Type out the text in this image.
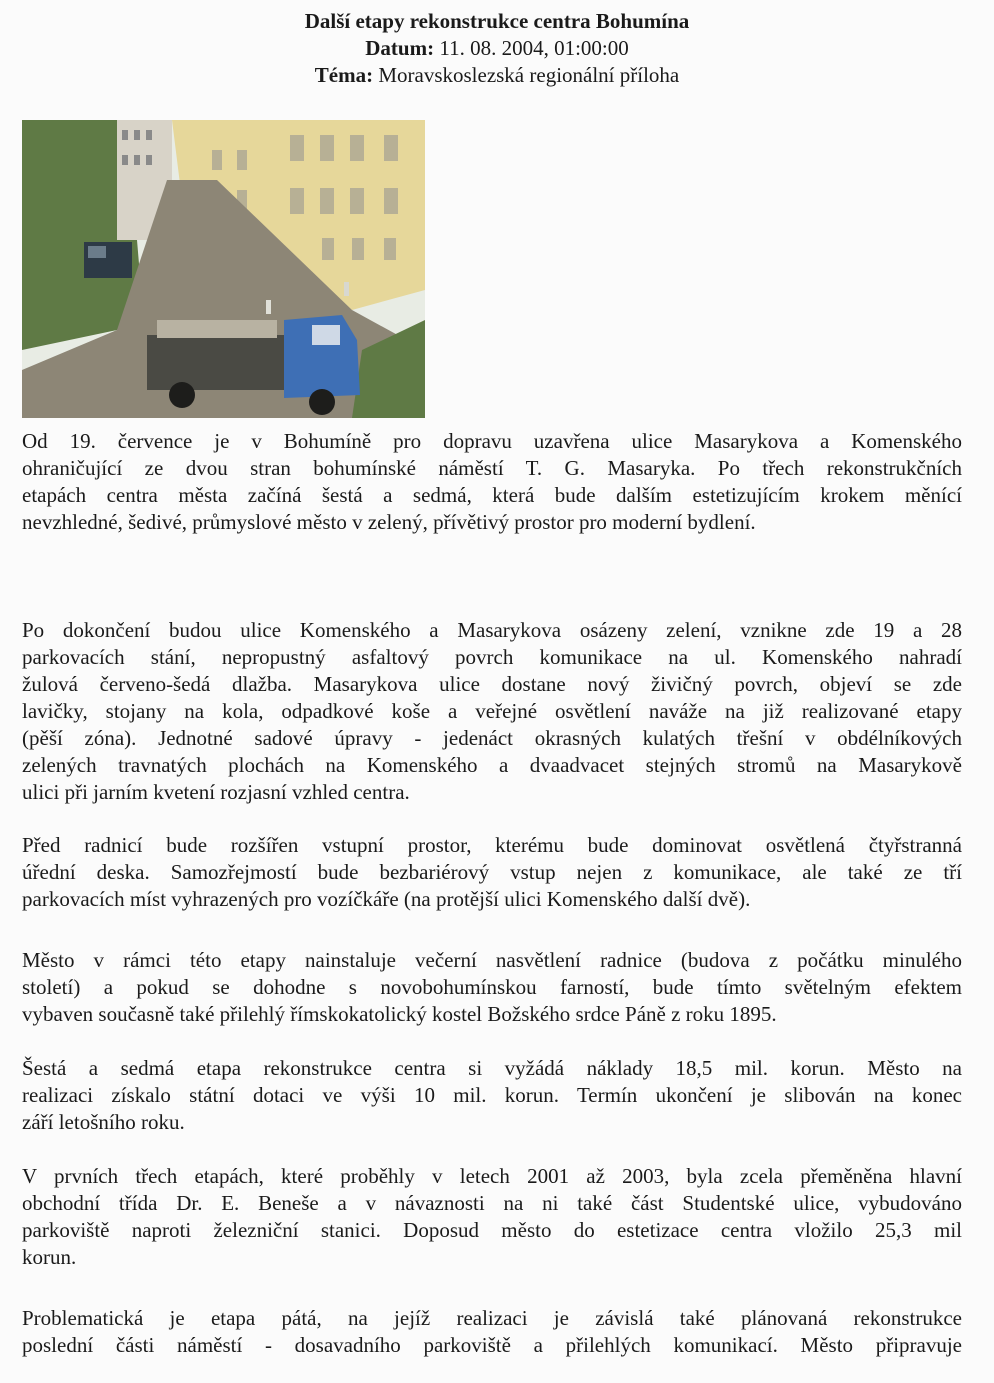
Další etapy rekonstrukce centra Bohumína
Datum: 11. 08. 2004, 01:00:00
Téma: Moravskoslezská regionální příloha
Od 19. července je v Bohumíně pro dopravu uzavřena ulice Masarykova a Komenského
ohraničující ze dvou stran bohumínské náměstí T. G. Masaryka. Po třech rekonstrukčních
etapách centra města začíná šestá a sedmá, která bude dalším estetizujícím krokem měnící
nevzhledné, šedivé, průmyslové město v zelený, přívětivý prostor pro moderní bydlení.
Po dokončení budou ulice Komenského a Masarykova osázeny zelení, vznikne zde 19 a 28
parkovacích stání, nepropustný asfaltový povrch komunikace na ul. Komenského nahradí
žulová červeno-šedá dlažba. Masarykova ulice dostane nový živičný povrch, objeví se zde
lavičky, stojany na kola, odpadkové koše a veřejné osvětlení naváže na již realizované etapy
(pěší zóna). Jednotné sadové úpravy - jedenáct okrasných kulatých třešní v obdélníkových
zelených travnatých plochách na Komenského a dvaadvacet stejných stromů na Masarykově
ulici při jarním kvetení rozjasní vzhled centra.
Před radnicí bude rozšířen vstupní prostor, kterému bude dominovat osvětlená čtyřstranná
úřední deska. Samozřejmostí bude bezbariérový vstup nejen z komunikace, ale také ze tří
parkovacích míst vyhrazených pro vozíčkáře (na protější ulici Komenského další dvě).
Město v rámci této etapy nainstaluje večerní nasvětlení radnice (budova z počátku minulého
století) a pokud se dohodne s novobohumínskou farností, bude tímto světelným efektem
vybaven současně také přilehlý římskokatolický kostel Božského srdce Páně z roku 1895.
Šestá a sedmá etapa rekonstrukce centra si vyžádá náklady 18,5 mil. korun. Město na
realizaci získalo státní dotaci ve výši 10 mil. korun. Termín ukončení je slibován na konec
září letošního roku.
V prvních třech etapách, které proběhly v letech 2001 až 2003, byla zcela přeměněna hlavní
obchodní třída Dr. E. Beneše a v návaznosti na ni také část Studentské ulice, vybudováno
parkoviště naproti železniční stanici. Doposud město do estetizace centra vložilo 25,3 mil
korun.
Problematická je etapa pátá, na jejíž realizaci je závislá také plánovaná rekonstrukce
poslední části náměstí - dosavadního parkoviště a přilehlých komunikací. Město připravuje
